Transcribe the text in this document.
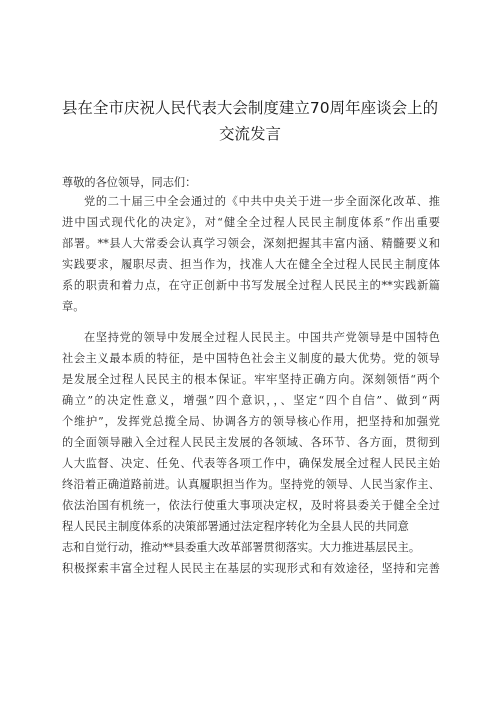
县在全市庆祝人民代表大会制度建立70周年座谈会上的
交流发言
尊敬的各位领导，同志们：
党的二十届三中全会通过的《中共中央关于进一步全面深化改革、推
进中国式现代化的决定》，对“健全全过程人民民主制度体系”作出重要
部署。**县人大常委会认真学习领会，深刻把握其丰富内涵、精髓要义和
实践要求，履职尽责、担当作为，找准人大在健全全过程人民民主制度体
系的职责和着力点，在守正创新中书写发展全过程人民民主的**实践新篇
章。
在坚持党的领导中发展全过程人民民主。中国共产党领导是中国特色
社会主义最本质的特征，是中国特色社会主义制度的最大优势。党的领导
是发展全过程人民民主的根本保证。牢牢坚持正确方向。深刻领悟“两个
确立”的决定性意义，增强”四个意识，，、坚定“四个自信”、做到“两
个维护”，发挥党总揽全局、协调各方的领导核心作用，把坚持和加强党
的全面领导融入全过程人民民主发展的各领域、各环节、各方面，贯彻到
人大监督、决定、任免、代表等各项工作中，确保发展全过程人民民主始
终沿着正确道路前进。认真履职担当作为。坚持党的领导、人民当家作主、
依法治国有机统一，依法行使重大事项决定权，及时将县委关于健全全过
程人民民主制度体系的决策部署通过法定程序转化为全县人民的共同意
志和自觉行动，推动**县委重大改革部署贯彻落实。大力推进基层民主。
积极探索丰富全过程人民民主在基层的实现形式和有效途径，坚持和完善
